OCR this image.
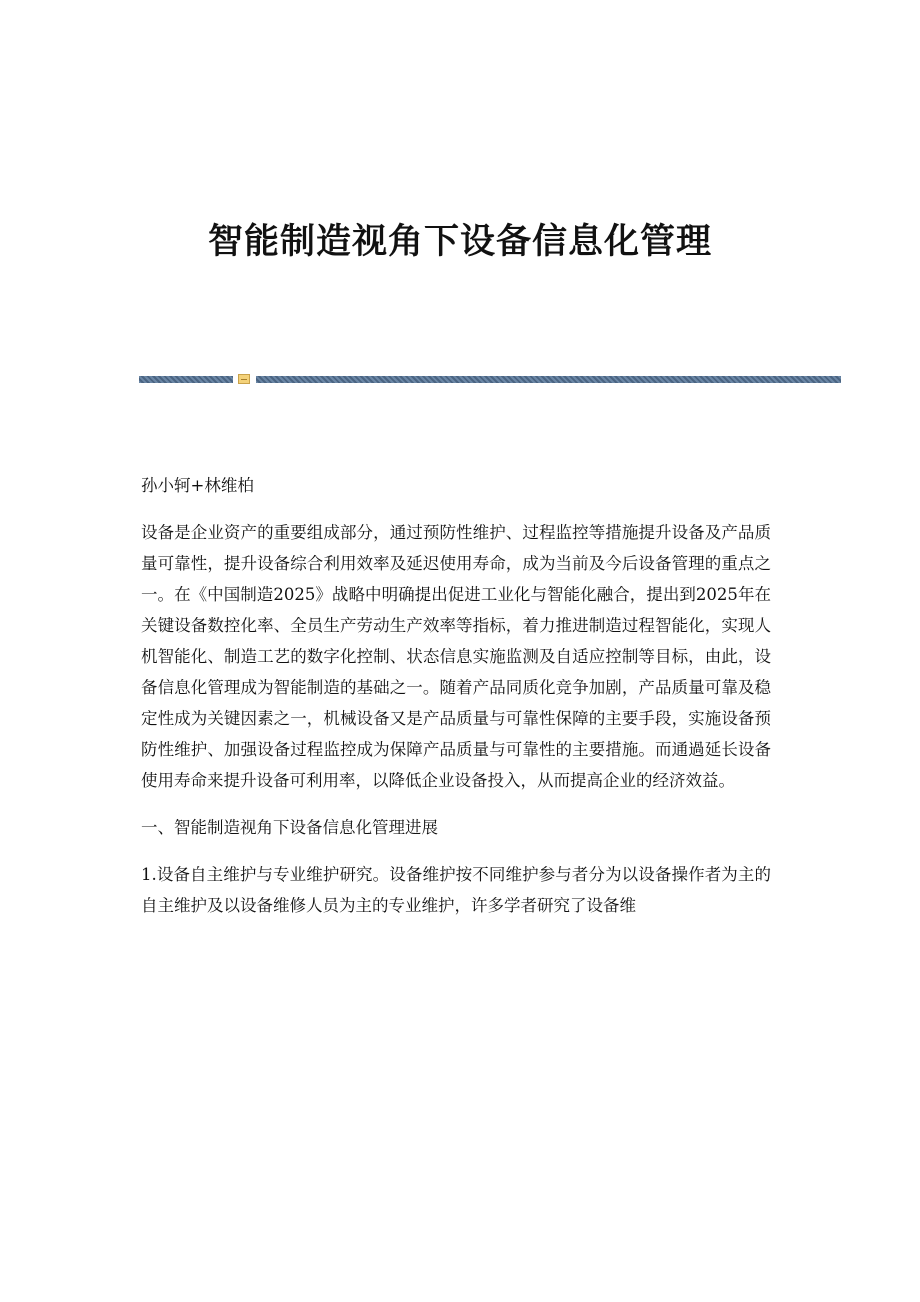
智能制造视角下设备信息化管理

孙小轲+林维柏

设备是企业资产的重要组成部分，通过预防性维护、过程监控等措施提升设备及产品质量可靠性，提升设备综合利用效率及延迟使用寿命，成为当前及今后设备管理的重点之一。在《中国制造2025》战略中明确提出促进工业化与智能化融合，提出到2025年在关键设备数控化率、全员生产劳动生产效率等指标，着力推进制造过程智能化，实现人机智能化、制造工艺的数字化控制、状态信息实施监测及自适应控制等目标，由此，设备信息化管理成为智能制造的基础之一。随着产品同质化竞争加剧，产品质量可靠及稳定性成为关键因素之一，机械设备又是产品质量与可靠性保障的主要手段，实施设备预防性维护、加强设备过程监控成为保障产品质量与可靠性的主要措施。而通過延长设备使用寿命来提升设备可利用率，以降低企业设备投入，从而提高企业的经济效益。

一、智能制造视角下设备信息化管理进展

1.设备自主维护与专业维护研究。设备维护按不同维护参与者分为以设备操作者为主的自主维护及以设备维修人员为主的专业维护，许多学者研究了设备维
